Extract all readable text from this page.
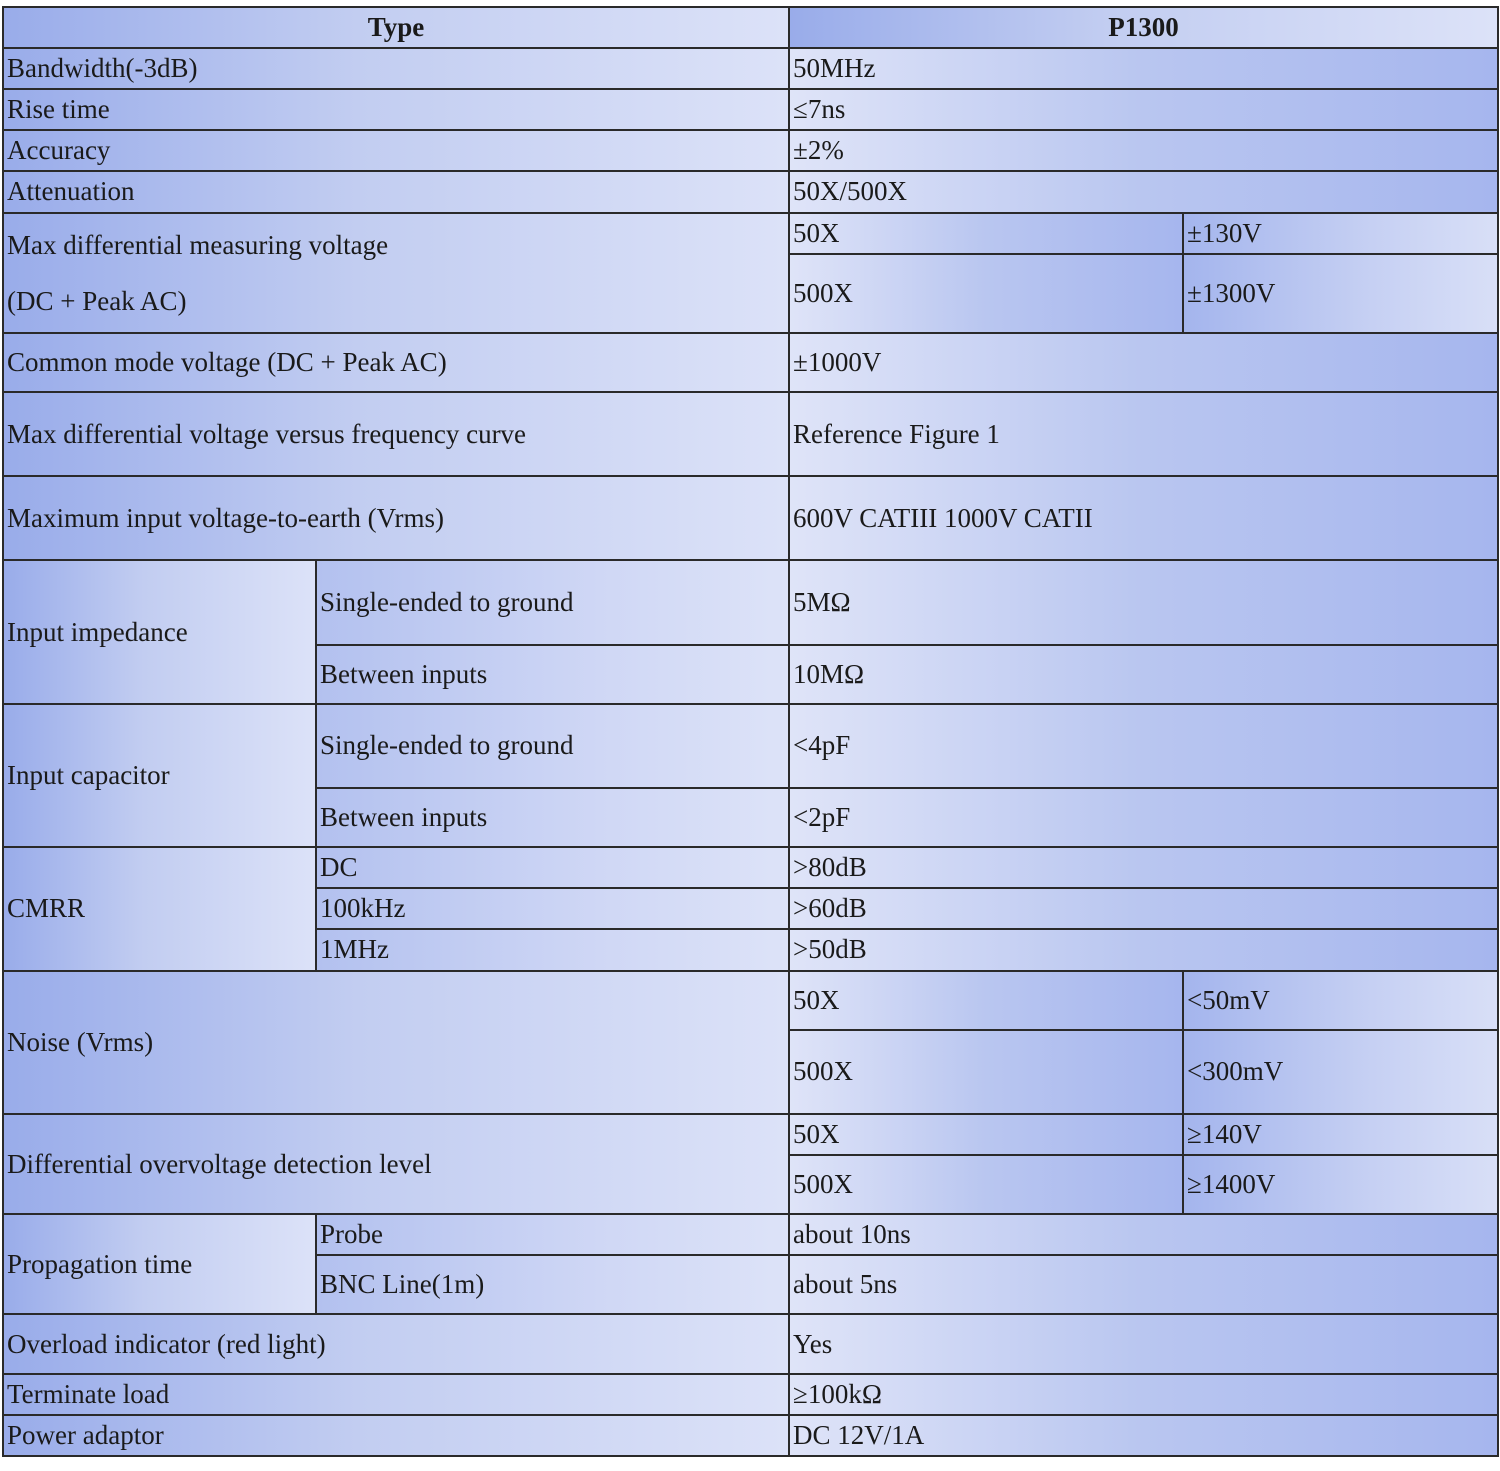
Type		P1300	
Bandwidth(-3dB)		50MHz	
Rise time		≤7ns	
Accuracy		±2%	
Attenuation		50X/500X	

Max differential measuring voltage
(DC + Peak AC)		50X	±130V
		500X	±1300V
Common mode voltage (DC + Peak AC)		±1000V	
Max differential voltage versus frequency curve		Reference Figure 1	
Maximum input voltage-to-earth (Vrms)		600V CATIII 1000V CATII	
Input impedance	Single-ended to ground	5MΩ	
	Between inputs	10MΩ	
Input capacitor	Single-ended to ground	<4pF	
	Between inputs	<2pF	
CMRR	DC	>80dB	
	100kHz	>60dB	
	1MHz	>50dB	
Noise (Vrms)		50X	<50mV
		500X	<300mV
Differential overvoltage detection level		50X	≥140V
		500X	≥1400V
Propagation time	Probe	about 10ns	
	BNC Line(1m)	about 5ns	
Overload indicator (red light)		Yes	
Terminate load		≥100kΩ	
Power adaptor		DC 12V/1A	
